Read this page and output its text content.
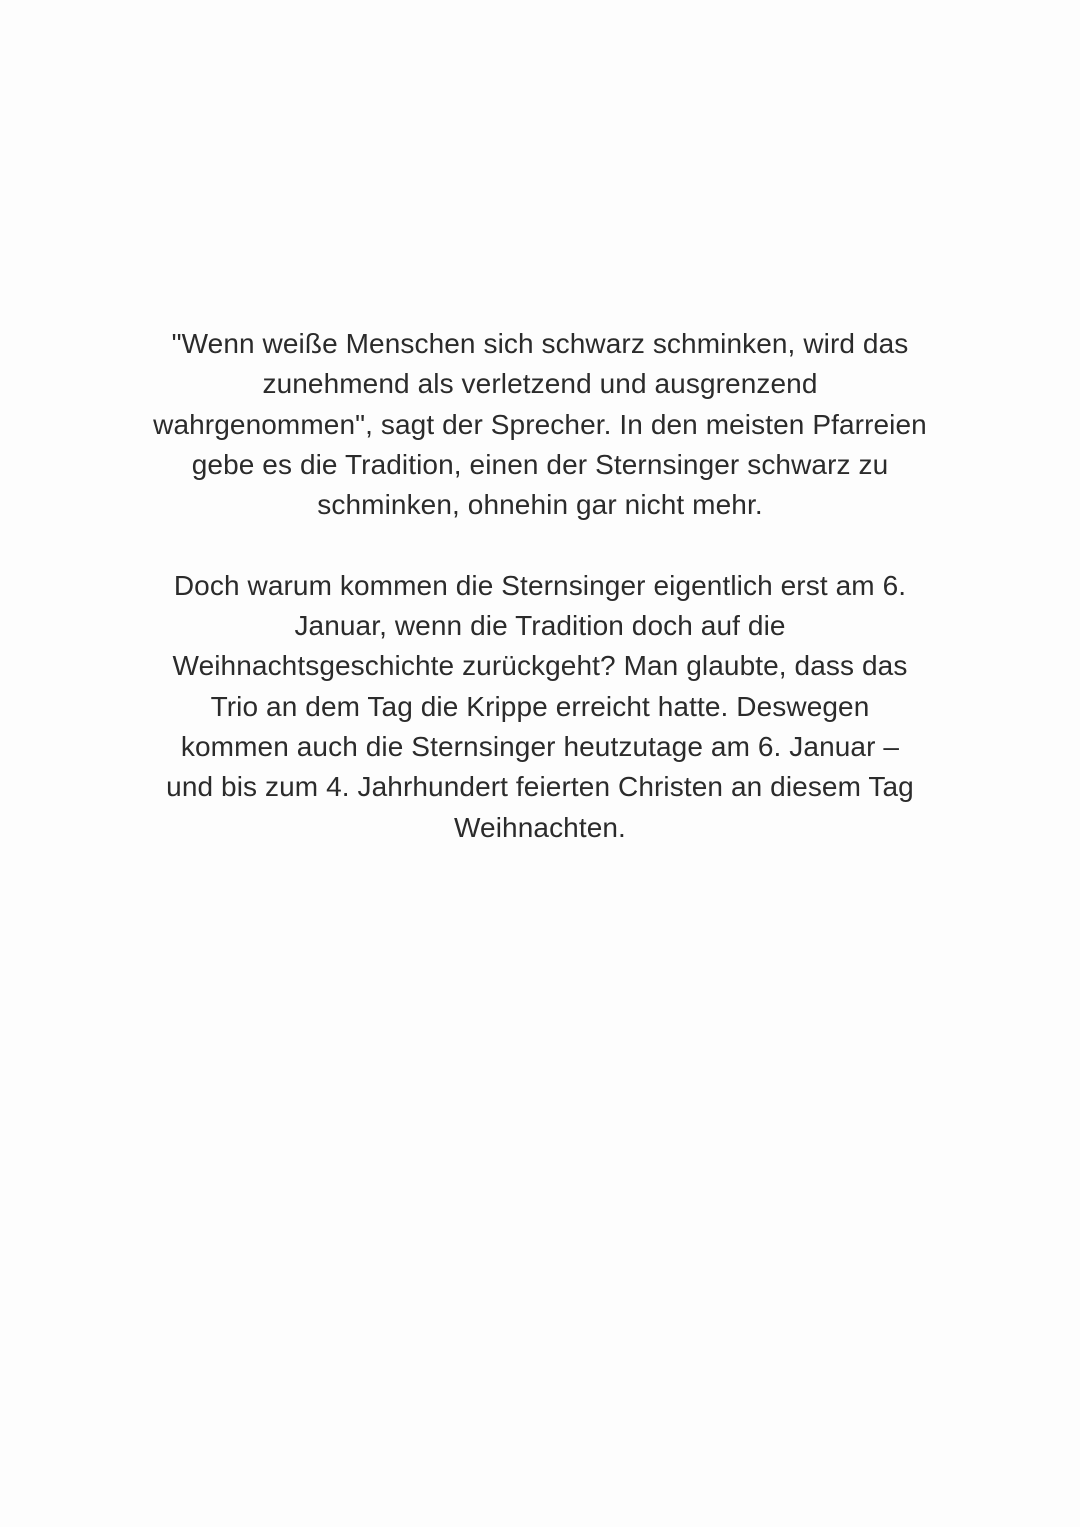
"Wenn weiße Menschen sich schwarz schminken, wird das
zunehmend als verletzend und ausgrenzend
wahrgenommen", sagt der Sprecher. In den meisten Pfarreien
gebe es die Tradition, einen der Sternsinger schwarz zu
schminken, ohnehin gar nicht mehr.

Doch warum kommen die Sternsinger eigentlich erst am 6.
Januar, wenn die Tradition doch auf die
Weihnachtsgeschichte zurückgeht? Man glaubte, dass das
Trio an dem Tag die Krippe erreicht hatte. Deswegen
kommen auch die Sternsinger heutzutage am 6. Januar –
und bis zum 4. Jahrhundert feierten Christen an diesem Tag
Weihnachten.
